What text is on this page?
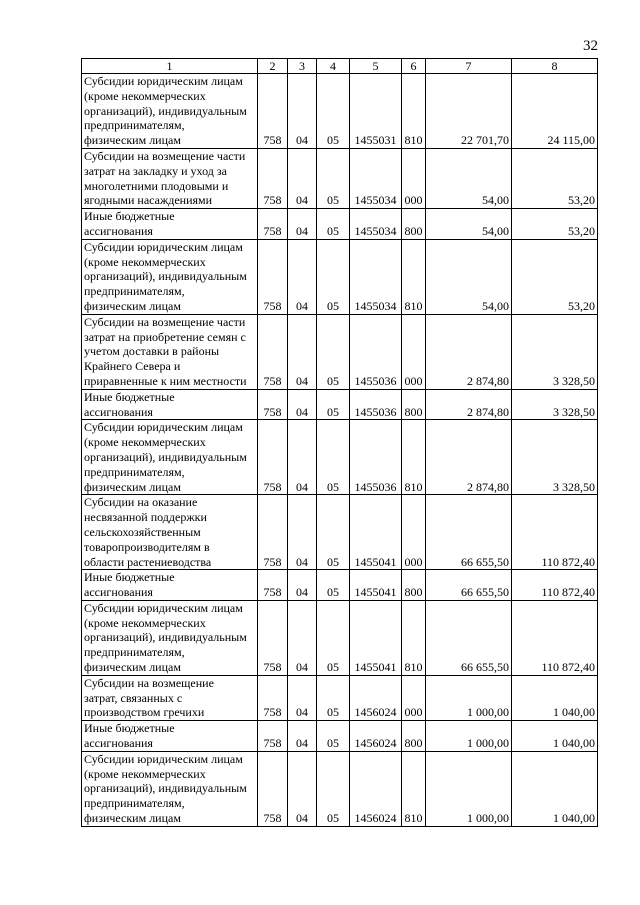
32
1	2	3	4	5	6	7	8

Субсидии юридическим лицам
(кроме некоммерческих
организаций), индивидуальным
предпринимателям,
физическим лицам	758	04	05	1455031	810	22 701,70	24 115,00

Субсидии на возмещение части
затрат на закладку и уход за
многолетними плодовыми и
ягодными насаждениями	758	04	05	1455034	000	54,00	53,20

Иные бюджетные
ассигнования	758	04	05	1455034	800	54,00	53,20

Субсидии юридическим лицам
(кроме некоммерческих
организаций), индивидуальным
предпринимателям,
физическим лицам	758	04	05	1455034	810	54,00	53,20

Субсидии на возмещение части
затрат на приобретение семян с
учетом доставки в районы
Крайнего Севера и
приравненные к ним местности	758	04	05	1455036	000	2 874,80	3 328,50

Иные бюджетные
ассигнования	758	04	05	1455036	800	2 874,80	3 328,50

Субсидии юридическим лицам
(кроме некоммерческих
организаций), индивидуальным
предпринимателям,
физическим лицам	758	04	05	1455036	810	2 874,80	3 328,50

Субсидии на оказание
несвязанной поддержки
сельскохозяйственным
товаропроизводителям в
области растениеводства	758	04	05	1455041	000	66 655,50	110 872,40

Иные бюджетные
ассигнования	758	04	05	1455041	800	66 655,50	110 872,40

Субсидии юридическим лицам
(кроме некоммерческих
организаций), индивидуальным
предпринимателям,
физическим лицам	758	04	05	1455041	810	66 655,50	110 872,40

Субсидии на возмещение
затрат, связанных с
производством гречихи	758	04	05	1456024	000	1 000,00	1 040,00

Иные бюджетные
ассигнования	758	04	05	1456024	800	1 000,00	1 040,00

Субсидии юридическим лицам
(кроме некоммерческих
организаций), индивидуальным
предпринимателям,
физическим лицам	758	04	05	1456024	810	1 000,00	1 040,00
